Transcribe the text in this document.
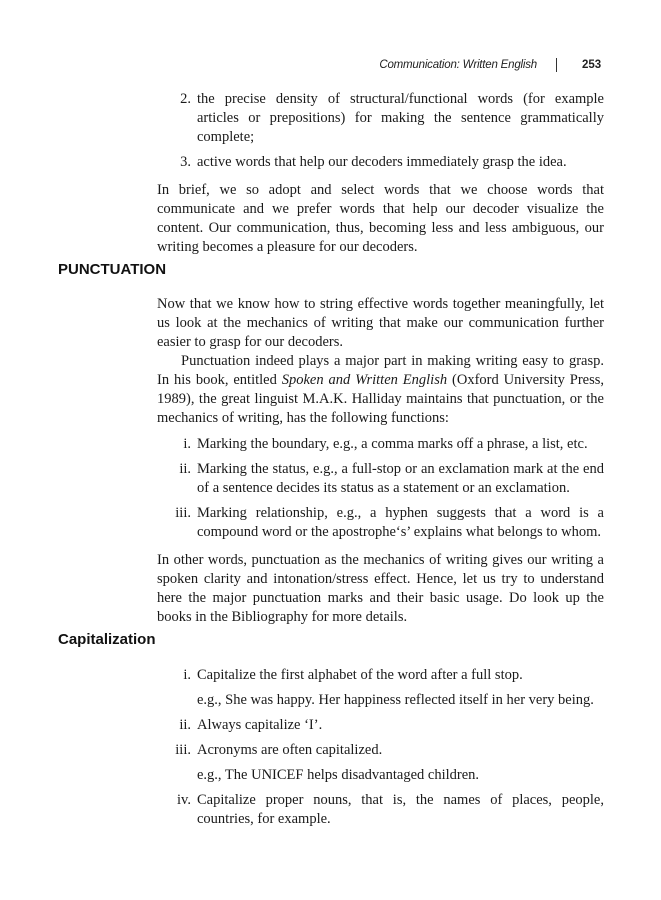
Communication: Written English	253
2. the precise density of structural/functional words (for example articles or prepositions) for making the sentence grammatically complete;
3. active words that help our decoders immediately grasp the idea.

In brief, we so adopt and select words that we choose words that communicate and we prefer words that help our decoder visualize the content. Our communication, thus, becoming less and less ambiguous, our writing becomes a pleasure for our decoders.

PUNCTUATION

Now that we know how to string effective words together meaningfully, let us look at the mechanics of writing that make our communication further easier to grasp for our decoders.

Punctuation indeed plays a major part in making writing easy to grasp. In his book, entitled Spoken and Written English (Oxford University Press, 1989), the great linguist M.A.K. Halliday maintains that punctuation, or the mechanics of writing, has the following functions:

i. Marking the boundary, e.g., a comma marks off a phrase, a list, etc.
ii. Marking the status, e.g., a full-stop or an exclamation mark at the end of a sentence decides its status as a statement or an exclamation.
iii. Marking relationship, e.g., a hyphen suggests that a word is a compound word or the apostrophe‘s’ explains what belongs to whom.

In other words, punctuation as the mechanics of writing gives our writing a spoken clarity and intonation/stress effect. Hence, let us try to understand here the major punctuation marks and their basic usage. Do look up the books in the Bibliography for more details.

Capitalization
i. Capitalize the first alphabet of the word after a full stop.
e.g., She was happy. Her happiness reflected itself in her very being.
ii. Always capitalize ‘I’.
iii. Acronyms are often capitalized.
e.g., The UNICEF helps disadvantaged children.
iv. Capitalize proper nouns, that is, the names of places, people, countries, for example.
